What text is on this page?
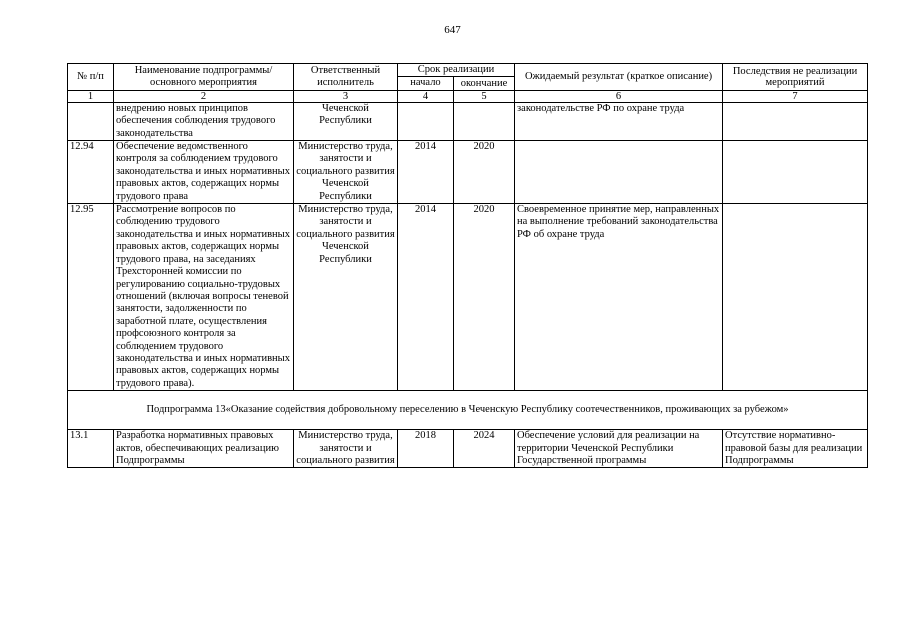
647
№ п/п	Наименование подпрограммы/ основного мероприятия	Ответственный исполнитель	Срок реализации		Ожидаемый результат (краткое описание)	Последствия не реализации мероприятий
			начало	окончание		
1	2	3	4	5	6	7
	внедрению новых принципов обеспечения соблюдения трудового законодательства	Чеченской Республики			законодательстве РФ по охране труда	
12.94	Обеспечение ведомственного контроля за соблюдением трудового законодательства и иных нормативных правовых актов, содержащих нормы трудового права	Министерство труда, занятости и социального развития Чеченской Республики	2014	2020		
12.95	Рассмотрение вопросов по соблюдению трудового законодательства и иных нормативных правовых актов, содержащих нормы трудового права, на заседаниях Трехсторонней комиссии по регулированию социально-трудовых отношений (включая вопросы теневой занятости, задолженности по заработной плате, осуществления профсоюзного контроля за соблюдением трудового законодательства и иных нормативных правовых актов, содержащих нормы трудового права).	Министерство труда, занятости и социального развития Чеченской Республики	2014	2020	Своевременное принятие мер, направленных на выполнение требований законодательства РФ об охране труда	
Подпрограмма 13«Оказание содействия добровольному переселению в Чеченскую Республику соотечественников, проживающих за рубежом»						
13.1	Разработка нормативных правовых актов, обеспечивающих реализацию Подпрограммы	Министерство труда, занятости и социального развития	2018	2024	Обеспечение условий для реализации на территории Чеченской Республики Государственной программы	Отсутствие нормативно-правовой базы для реализации Подпрограммы
